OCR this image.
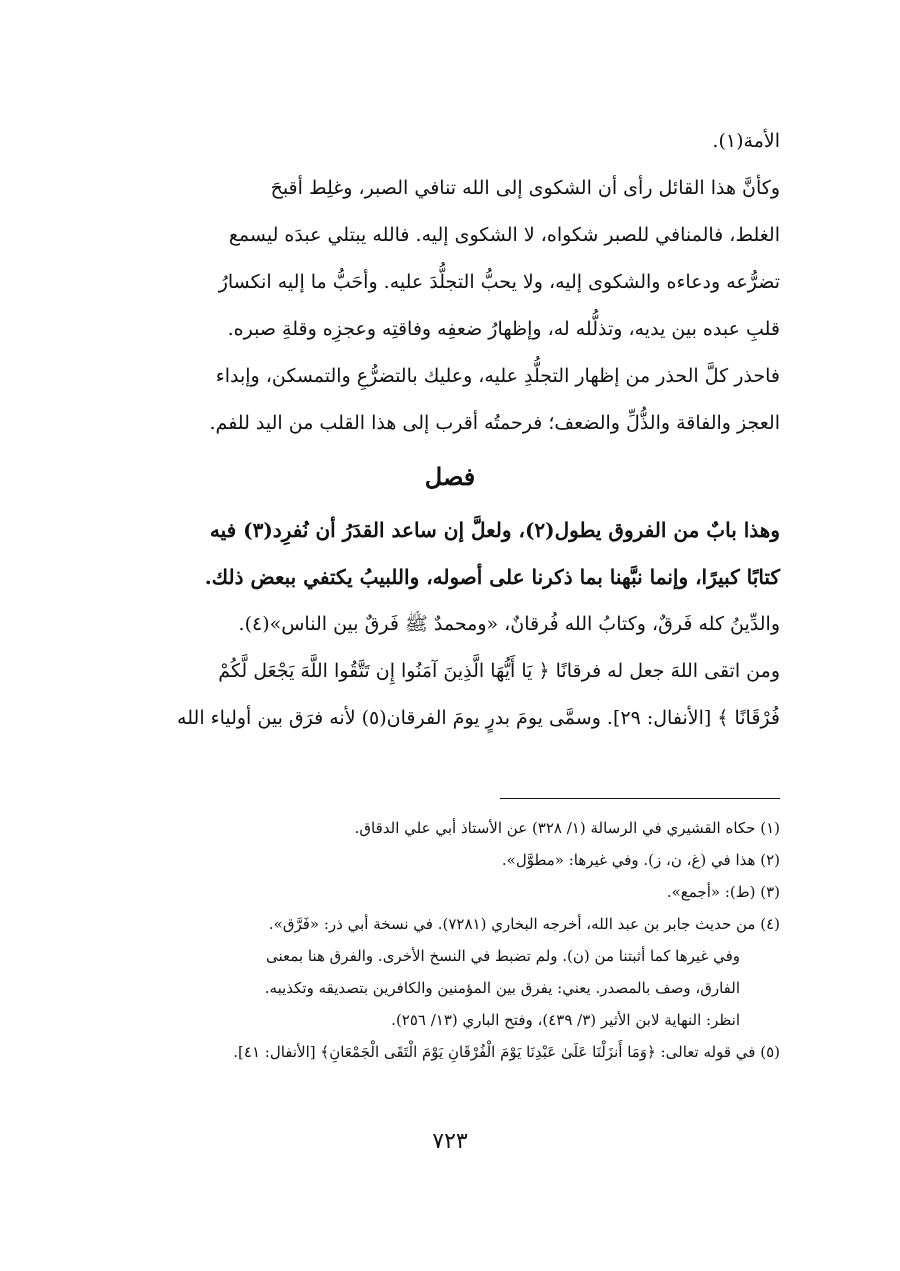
الأمة(١).
وكأنَّ هذا القائل رأى أن الشكوى إلى الله تنافي الصبر، وغلِط أقبحَ
الغلط، فالمنافي للصبر شكواه، لا الشكوى إليه. فالله يبتلي عبدَه ليسمع
تضرُّعه ودعاءه والشكوى إليه، ولا يحبُّ التجلُّدَ عليه. وأحَبُّ ما إليه انكسارُ
قلبِ عبده بين يديه، وتذلُّله له، وإظهارُ ضعفِه وفاقتِه وعجزِه وقلةِ صبره.
فاحذر كلَّ الحذر من إظهار التجلُّدِ عليه، وعليك بالتضرُّعِ والتمسكن، وإبداء
العجز والفاقة والذُّلِّ والضعف؛ فرحمتُه أقرب إلى هذا القلب من اليد للفم.
فصل
وهذا بابٌ من الفروق يطول(٢)، ولعلَّ إن ساعد القدَرُ أن نُفرِد(٣) فيه
كتابًا كبيرًا، وإنما نبَّهنا بما ذكرنا على أصوله، واللبيبُ يكتفي ببعض ذلك.
والدِّينُ كله فَرقٌ، وكتابُ الله فُرقانٌ، «ومحمدٌ ﷺ فَرقٌ بين الناس»(٤).
ومن اتقى اللهَ جعل له فرقانًا ﴿ يَا أَيُّهَا الَّذِينَ آمَنُوا إِن تَتَّقُوا اللَّهَ يَجْعَل لَّكُمْ
فُرْقَانًا ﴾ [الأنفال: ٢٩]. وسمَّى يومَ بدرٍ يومَ الفرقان(٥) لأنه فرَق بين أولياء الله
(١) حكاه القشيري في الرسالة (١/ ٣٢٨) عن الأستاذ أبي علي الدقاق.
(٢) هذا في (غ، ن، ز). وفي غيرها: «مطوَّل».
(٣) (ط): «أجمع».
(٤) من حديث جابر بن عبد الله، أخرجه البخاري (٧٢٨١). في نسخة أبي ذر: «فَرَّق».
وفي غيرها كما أثبتنا من (ن). ولم تضبط في النسخ الأخرى. والفرق هنا بمعنى
الفارق، وصف بالمصدر. يعني: يفرق بين المؤمنين والكافرين بتصديقه وتكذيبه.
انظر: النهاية لابن الأثير (٣/ ٤٣٩)، وفتح الباري (١٣/ ٢٥٦).
(٥) في قوله تعالى: ﴿وَمَا أَنزَلْنَا عَلَىٰ عَبْدِنَا يَوْمَ الْفُرْقَانِ يَوْمَ الْتَقَى الْجَمْعَانِ﴾ [الأنفال: ٤١].
٧٢٣
